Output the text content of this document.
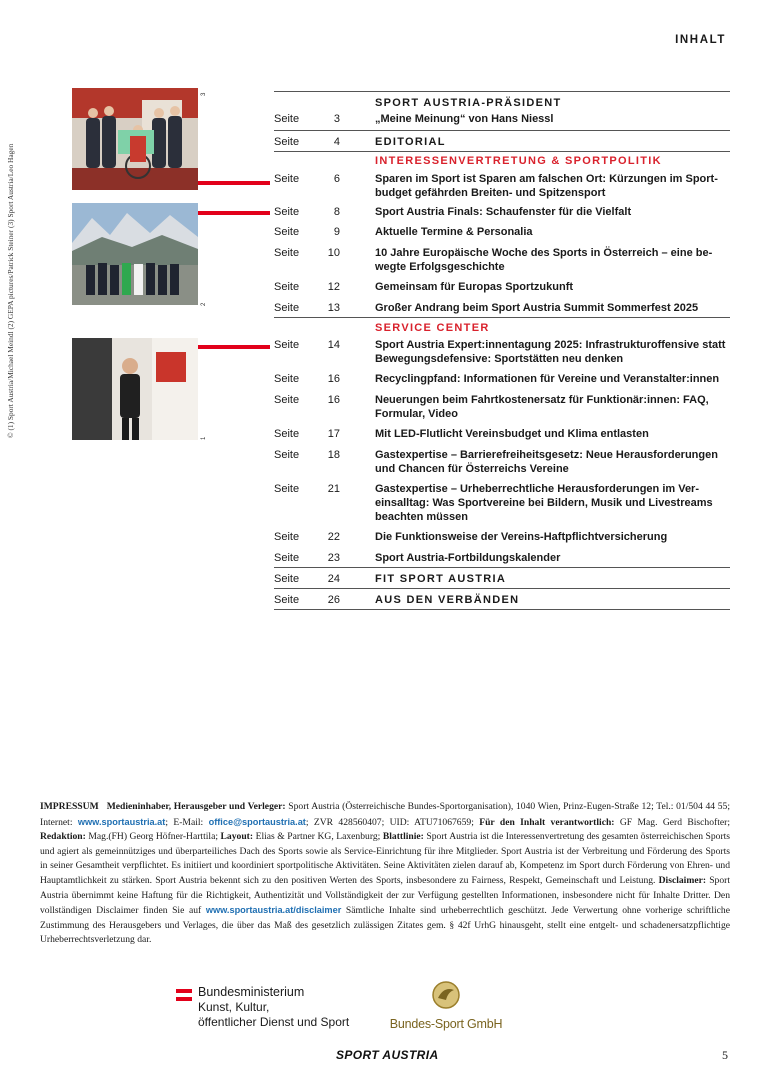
INHALT
© (1) Sport Austria/Michael Meindl (2) GEPA pictures/Patrick Steiner (3) Sport Austria/Leo Hagen
3
2
1
SPORT AUSTRIA-PRÄSIDENT
Seite	3	„Meine Meinung“ von Hans Niessl
Seite	4	EDITORIAL
INTERESSENVERTRETUNG & SPORTPOLITIK
Seite	6	Sparen im Sport ist Sparen am falschen Ort: Kürzungen im Sport-budget gefährden Breiten- und Spitzensport
Seite	8	Sport Austria Finals: Schaufenster für die Vielfalt
Seite	9	Aktuelle Termine & Personalia
Seite	10	10 Jahre Europäische Woche des Sports in Österreich – eine be-wegte Erfolgsgeschichte
Seite	12	Gemeinsam für Europas Sportzukunft
Seite	13	Großer Andrang beim Sport Austria Summit Sommerfest 2025
SERVICE CENTER
Seite	14	Sport Austria Expert:innentagung 2025: Infrastrukturoffensive statt Bewegungsdefensive: Sportstätten neu denken
Seite	16	Recyclingpfand: Informationen für Vereine und Veranstalter:innen
Seite	16	Neuerungen beim Fahrtkostenersatz für Funktionär:innen: FAQ, Formular, Video
Seite	17	Mit LED-Flutlicht Vereinsbudget und Klima entlasten
Seite	18	Gastexpertise – Barrierefreiheitsgesetz: Neue Herausforderungen und Chancen für Österreichs Vereine
Seite	21	Gastexpertise – Urheberrechtliche Herausforderungen im Ver-einsalltag: Was Sportvereine bei Bildern, Musik und Livestreams beachten müssen
Seite	22	Die Funktionsweise der Vereins-Haftpflichtversicherung
Seite	23	Sport Austria-Fortbildungskalender
Seite	24	FIT SPORT AUSTRIA
Seite	26	AUS DEN VERBÄNDEN
IMPRESSUM Medieninhaber, Herausgeber und Verleger: Sport Austria (Österreichische Bundes-Sportorganisation), 1040 Wien, Prinz-Eugen-Straße 12; Tel.: 01/504 44 55; Internet: www.sportaustria.at; E-Mail: office@sportaustria.at; ZVR 428560407; UID: ATU71067659; Für den Inhalt verantwortlich: GF Mag. Gerd Bischofter; Redaktion: Mag.(FH) Georg Höfner-Harttila; Layout: Elias & Partner KG, Laxenburg; Blattlinie: Sport Austria ist die Interessenvertretung des gesamten österreichischen Sports und agiert als gemeinnütziges und überparteiliches Dach des Sports sowie als Service-Einrichtung für ihre Mitglieder. Sport Austria ist der Verbreitung und Förderung des Sports in seiner Gesamtheit verpflichtet. Es initiiert und koordiniert sportpolitische Aktivitäten. Seine Aktivitäten zielen darauf ab, Kompetenz im Sport durch Förderung von Ehren- und Hauptamtlichkeit zu stärken. Sport Austria bekennt sich zu den positiven Werten des Sports, insbesondere zu Fairness, Respekt, Gemeinschaft und Leistung. Disclaimer: Sport Austria übernimmt keine Haftung für die Richtigkeit, Authentizität und Vollständigkeit der zur Verfügung gestellten Informationen, insbesondere nicht für Inhalte Dritter. Den vollständigen Disclaimer finden Sie auf www.sportaustria.at/disclaimer Sämtliche Inhalte sind urheberrechtlich geschützt. Jede Verwertung ohne vorherige schriftliche Zustimmung des Herausgebers und Verlages, die über das Maß des gesetzlich zulässigen Zitates gem. § 42f UrhG hinausgeht, stellt eine entgelt- und schadenersatzpflichtige Urheberrechtsverletzung dar.
Bundesministerium
Kunst, Kultur,
öffentlicher Dienst und Sport	Bundes-Sport GmbH
SPORT AUSTRIA	5
